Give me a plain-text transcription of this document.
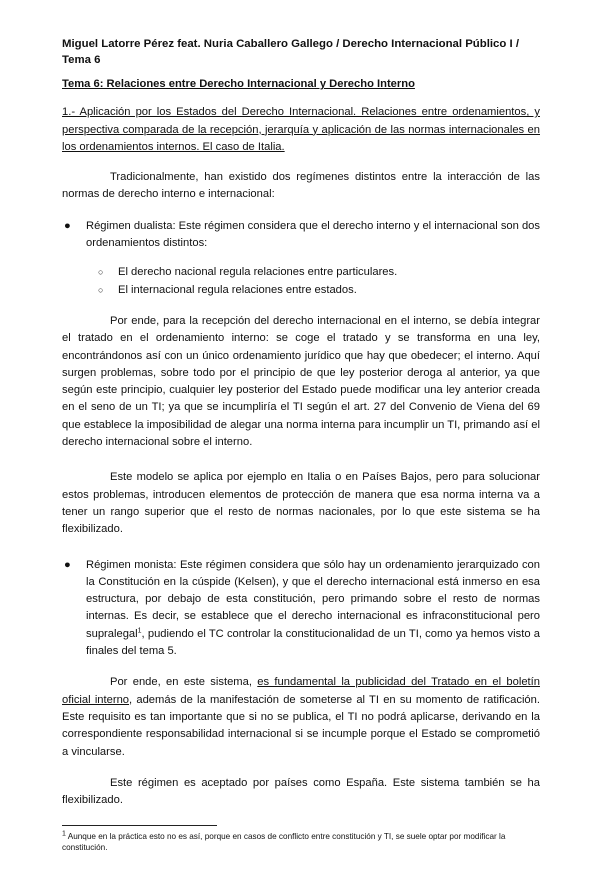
Miguel Latorre Pérez feat. Nuria Caballero Gallego / Derecho Internacional Público I / Tema 6
Tema 6: Relaciones entre Derecho Internacional y Derecho Interno
1.- Aplicación por los Estados del Derecho Internacional. Relaciones entre ordenamientos, y perspectiva comparada de la recepción, jerarquía y aplicación de las normas internacionales en los ordenamientos internos. El caso de Italia.

Tradicionalmente, han existido dos regímenes distintos entre la interacción de las normas de derecho interno e internacional:

● Régimen dualista: Este régimen considera que el derecho interno y el internacional son dos ordenamientos distintos:
○ El derecho nacional regula relaciones entre particulares.
○ El internacional regula relaciones entre estados.

Por ende, para la recepción del derecho internacional en el interno, se debía integrar el tratado en el ordenamiento interno: se coge el tratado y se transforma en una ley, encontrándonos así con un único ordenamiento jurídico que hay que obedecer; el interno. Aquí surgen problemas, sobre todo por el principio de que ley posterior deroga al anterior, ya que según este principio, cualquier ley posterior del Estado puede modificar una ley anterior creada en el seno de un TI; ya que se incumpliría el TI según el art. 27 del Convenio de Viena del 69 que establece la imposibilidad de alegar una norma interna para incumplir un TI, primando así el derecho internacional sobre el interno.

Este modelo se aplica por ejemplo en Italia o en Países Bajos, pero para solucionar estos problemas, introducen elementos de protección de manera que esa norma interna va a tener un rango superior que el resto de normas nacionales, por lo que este sistema se ha flexibilizado.

● Régimen monista: Este régimen considera que sólo hay un ordenamiento jerarquizado con la Constitución en la cúspide (Kelsen), y que el derecho internacional está inmerso en esa estructura, por debajo de esta constitución, pero primando sobre el resto de normas internas. Es decir, se establece que el derecho internacional es infraconstitucional pero supralegal$^1$, pudiendo el TC controlar la constitucionalidad de un TI, como ya hemos visto a finales del tema 5.

Por ende, en este sistema, es fundamental la publicidad del Tratado en el boletín oficial interno, además de la manifestación de someterse al TI en su momento de ratificación. Este requisito es tan importante que si no se publica, el TI no podrá aplicarse, derivando en la correspondiente responsabilidad internacional si se incumple porque el Estado se comprometió a vincularse.

Este régimen es aceptado por países como España. Este sistema también se ha flexibilizado.

$^1$ Aunque en la práctica esto no es así, porque en casos de conflicto entre constitución y TI, se suele optar por modificar la constitución.
